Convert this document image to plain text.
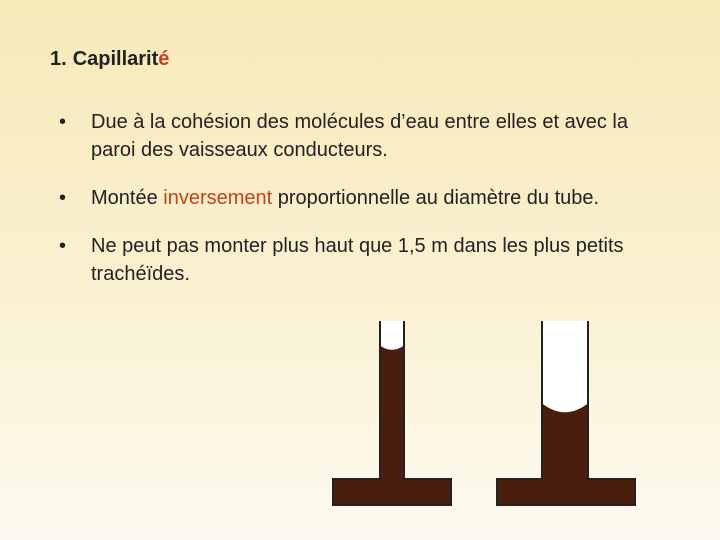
1. Capillarité
• Due à la cohésion des molécules d’eau entre elles et avec la paroi des vaisseaux conducteurs.
• Montée inversement proportionnelle au diamètre du tube.
• Ne peut pas monter plus haut que 1,5 m dans les plus petits trachéïdes.
